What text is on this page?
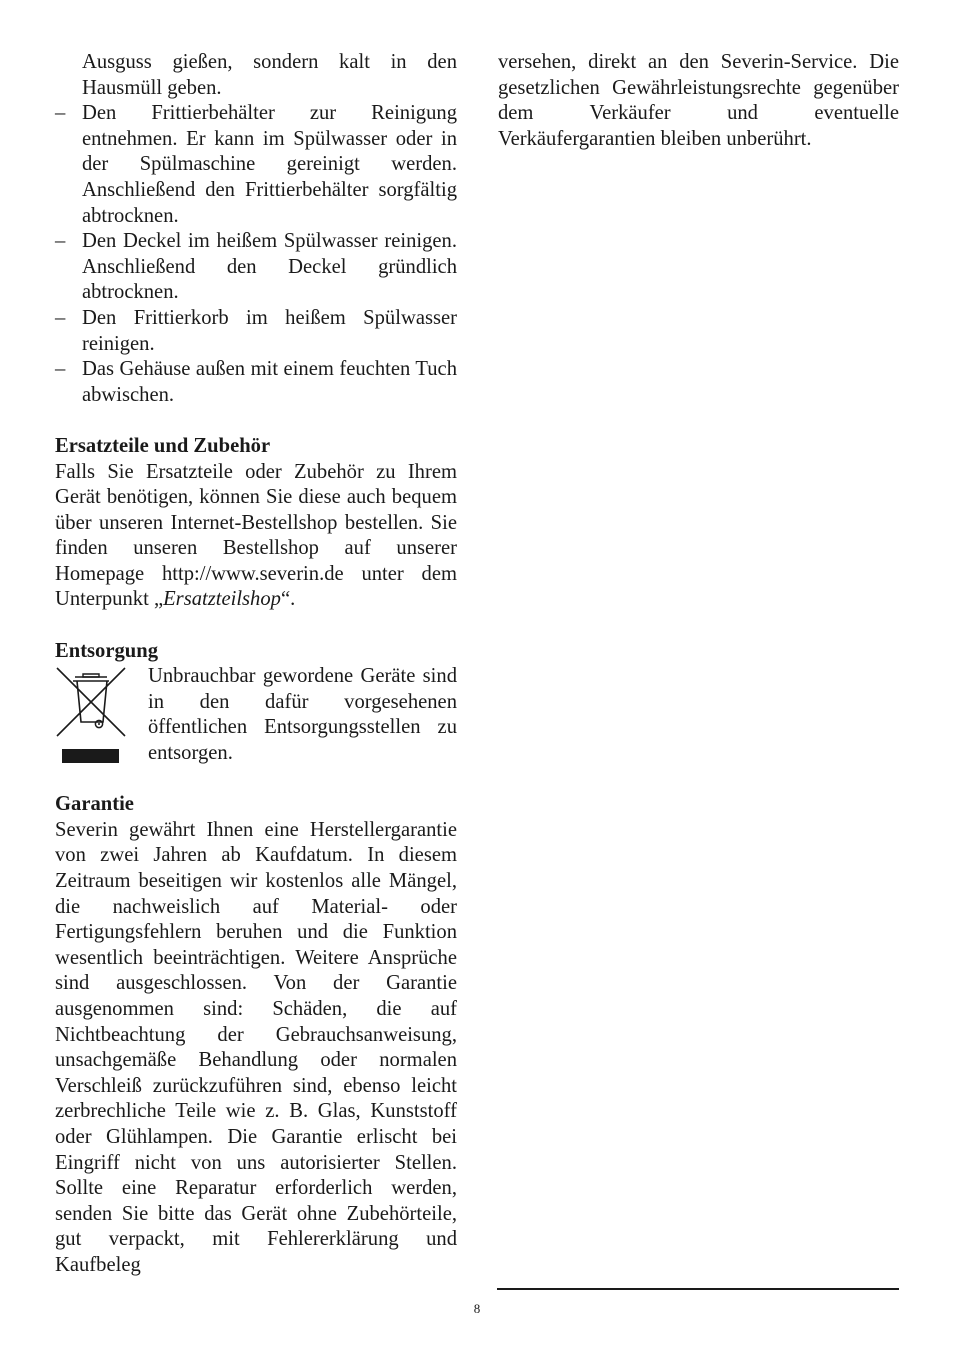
Ausguss gießen, sondern kalt in den Hausmüll geben.

– Den Frittierbehälter zur Reinigung entnehmen. Er kann im Spülwasser oder in der Spülmaschine gereinigt werden. Anschließend den Frittierbehälter sorgfältig abtrocknen.
– Den Deckel im heißem Spülwasser reinigen. Anschließend den Deckel gründlich abtrocknen.
– Den Frittierkorb im heißem Spülwasser reinigen.
– Das Gehäuse außen mit einem feuchten Tuch abwischen.
Ersatzteile und Zubehör

Falls Sie Ersatzteile oder Zubehör zu Ihrem Gerät benötigen, können Sie diese auch bequem über unseren Internet-Bestellshop bestellen. Sie finden unseren Bestellshop auf unserer Homepage http://www.severin.de unter dem Unterpunkt „Ersatzteilshop“.

Entsorgung

Unbrauchbar gewordene Geräte sind in den dafür vorgesehenen öffentlichen Entsorgungsstellen zu entsorgen.

Garantie

Severin gewährt Ihnen eine Herstellergarantie von zwei Jahren ab Kaufdatum. In diesem Zeitraum beseitigen wir kostenlos alle Mängel, die nachweislich auf Material- oder Fertigungsfehlern beruhen und die Funktion wesentlich beeinträchtigen. Weitere Ansprüche sind ausgeschlossen. Von der Garantie ausgenommen sind: Schäden, die auf Nichtbeachtung der Gebrauchsanweisung, unsachgemäße Behandlung oder normalen Verschleiß zurückzuführen sind, ebenso leicht zerbrechliche Teile wie z. B. Glas, Kunststoff oder Glühlampen. Die Garantie erlischt bei Eingriff nicht von uns autorisierter Stellen. Sollte eine Reparatur erforderlich werden, senden Sie bitte das Gerät ohne Zubehörteile, gut verpackt, mit Fehlererklärung und Kaufbeleg

versehen, direkt an den Severin-Service. Die gesetzlichen Gewährleistungsrechte gegenüber dem Verkäufer und eventuelle Verkäufergarantien bleiben unberührt.

8
